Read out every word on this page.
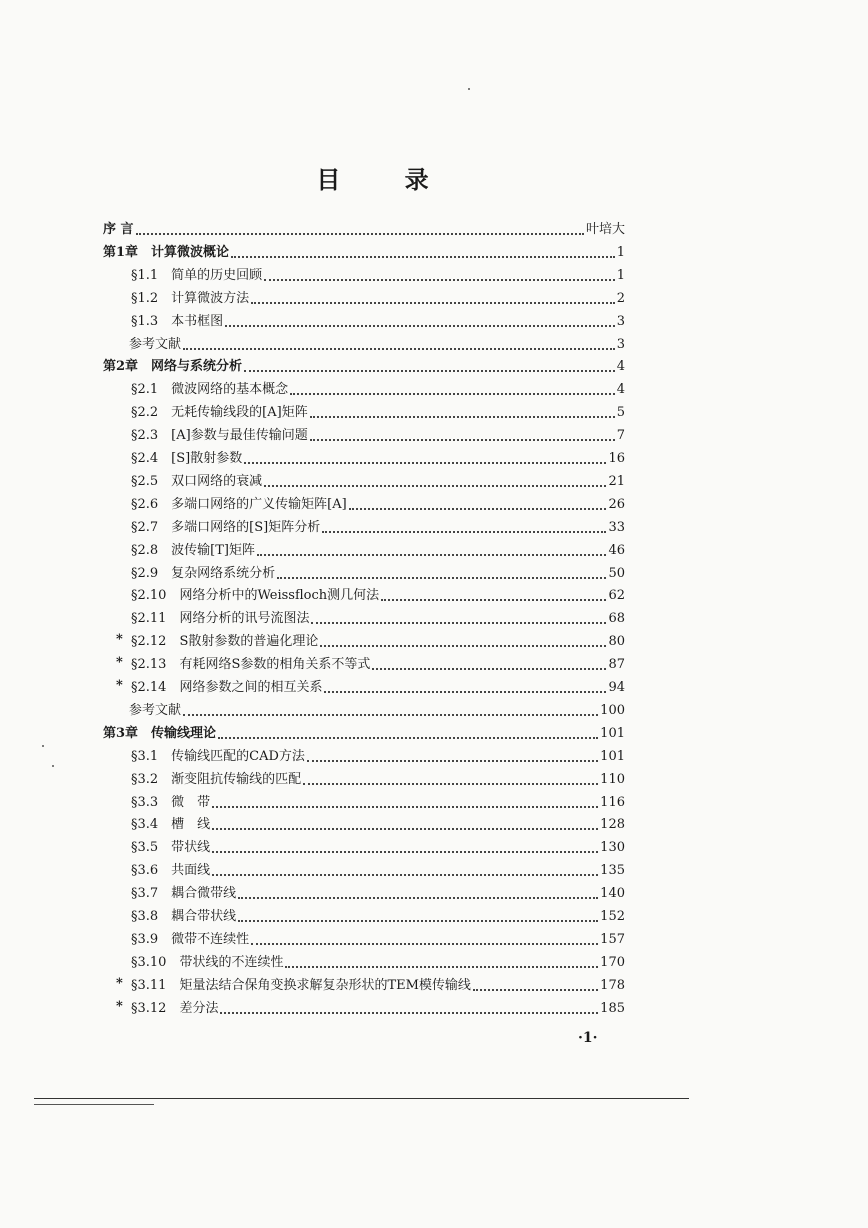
目 录
序 言	叶培大
第1章　计算微波概论	1
§1.1　简单的历史回顾	1
§1.2　计算微波方法	2
§1.3　本书框图	3
参考文献	3
第2章　网络与系统分析	4
§2.1　微波网络的基本概念	4
§2.2　无耗传输线段的[A]矩阵	5
§2.3　[A]参数与最佳传输问题	7
§2.4　[S]散射参数	16
§2.5　双口网络的衰减	21
§2.6　多端口网络的广义传输矩阵[A]	26
§2.7　多端口网络的[S]矩阵分析	33
§2.8　波传输[T]矩阵	46
§2.9　复杂网络系统分析	50
§2.10　网络分析中的Weissfloch测几何法	62
§2.11　网络分析的讯号流图法	68
* §2.12　S散射参数的普遍化理论	80
* §2.13　有耗网络S参数的相角关系不等式	87
* §2.14　网络参数之间的相互关系	94
参考文献	100
第3章　传输线理论	101
§3.1　传输线匹配的CAD方法	101
§3.2　渐变阻抗传输线的匹配	110
§3.3　微　带	116
§3.4　槽　线	128
§3.5　带状线	130
§3.6　共面线	135
§3.7　耦合微带线	140
§3.8　耦合带状线	152
§3.9　微带不连续性	157
§3.10　带状线的不连续性	170
* §3.11　矩量法结合保角变换求解复杂形状的TEM模传输线	178
* §3.12　差分法	185
·1·
